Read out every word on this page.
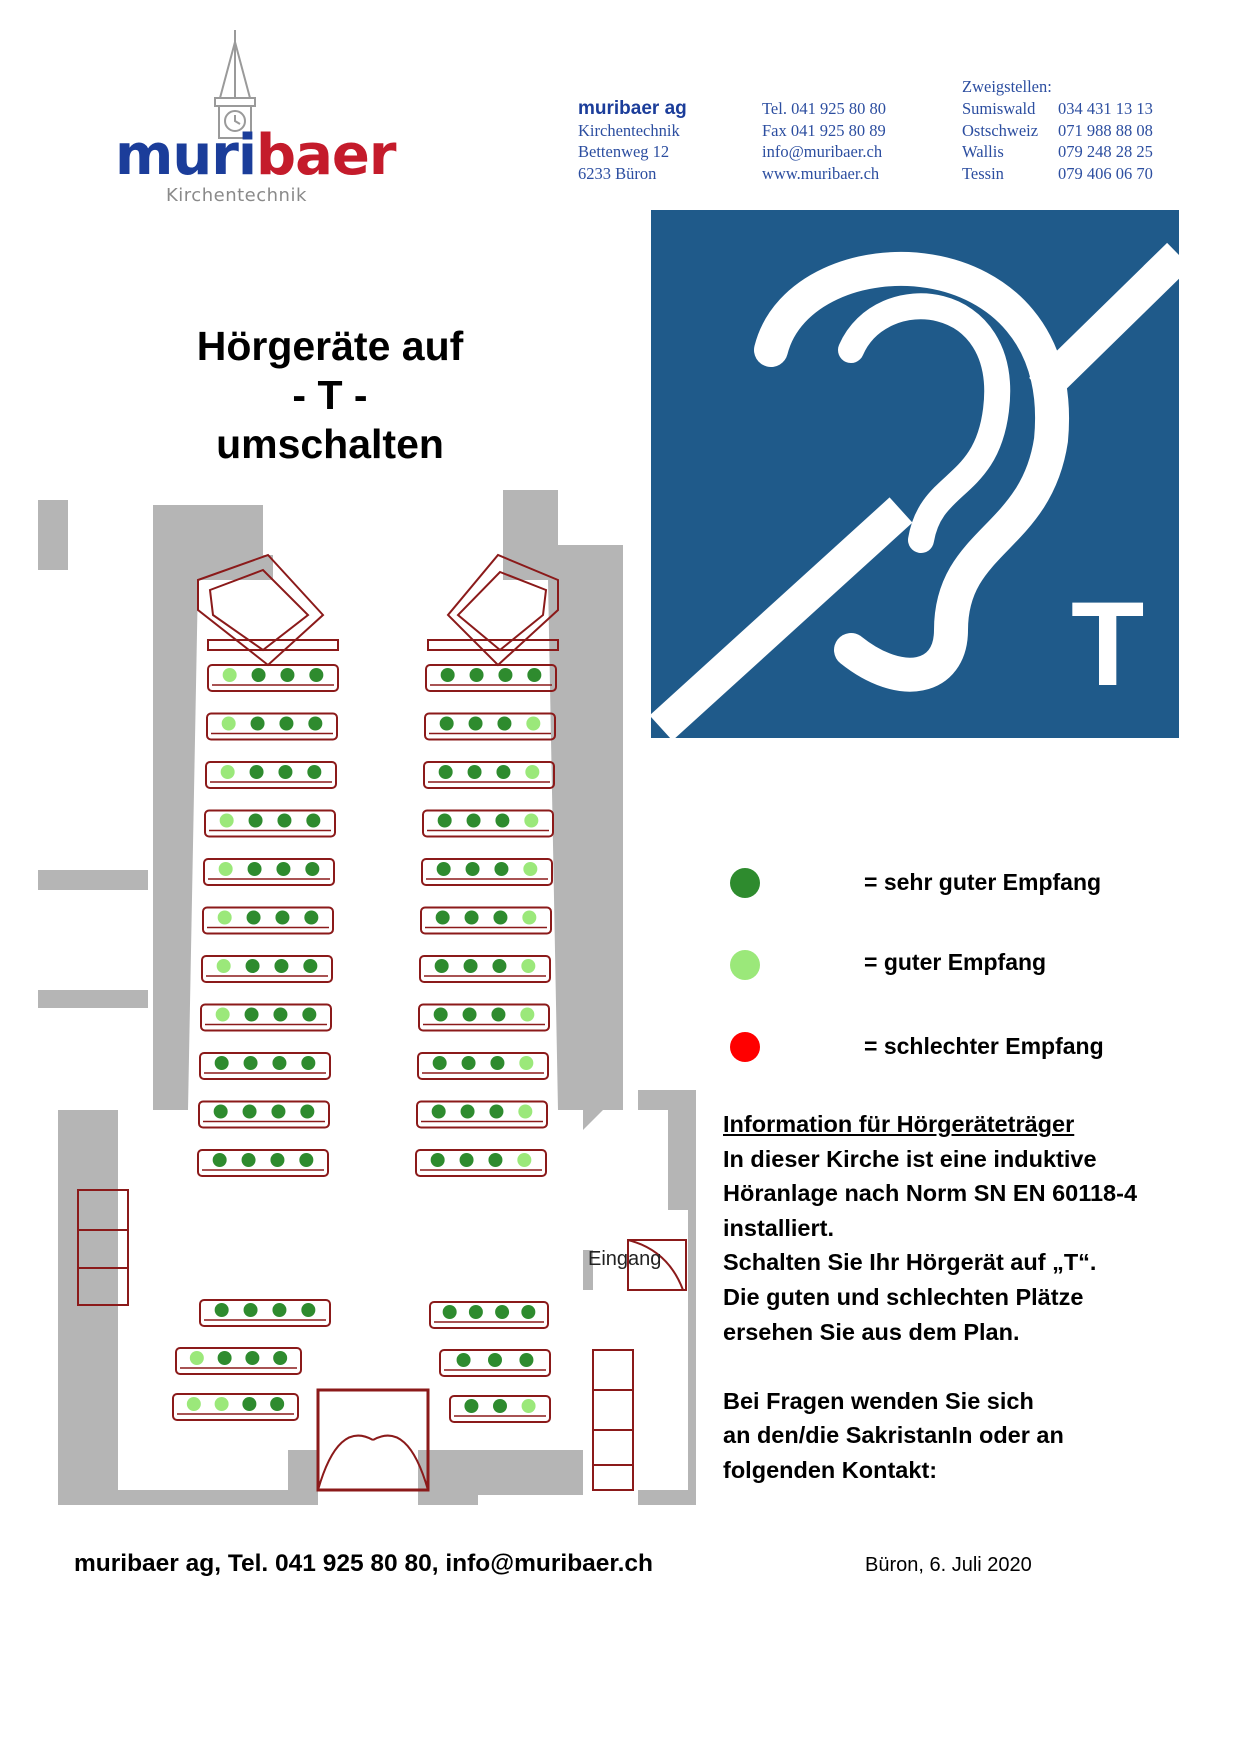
muribaer
Kirchentechnik
muribaer ag
Kirchentechnik
Bettenweg 12
6233 Büron
Tel. 041 925 80 80
Fax 041 925 80 89
info@muribaer.ch
www.muribaer.ch
Zweigstellen:
Sumiswald	034 431 13 13
Ostschweiz	071 988 88 08
Wallis	079 248 28 25
Tessin	079 406 06 70
Hörgeräte auf
- T -
umschalten
T
Eingang
= sehr guter Empfang
= guter Empfang
= schlechter Empfang
Information für Hörgeräteträger
In dieser Kirche ist eine induktive
Höranlage nach Norm SN EN 60118-4
installiert.
Schalten Sie Ihr Hörgerät auf „T“.
Die guten und schlechten Plätze
ersehen Sie aus dem Plan.
Bei Fragen wenden Sie sich
an den/die SakristanIn oder an
folgenden Kontakt:
muribaer ag, Tel. 041 925 80 80, info@muribaer.ch	Büron, 6. Juli 2020
